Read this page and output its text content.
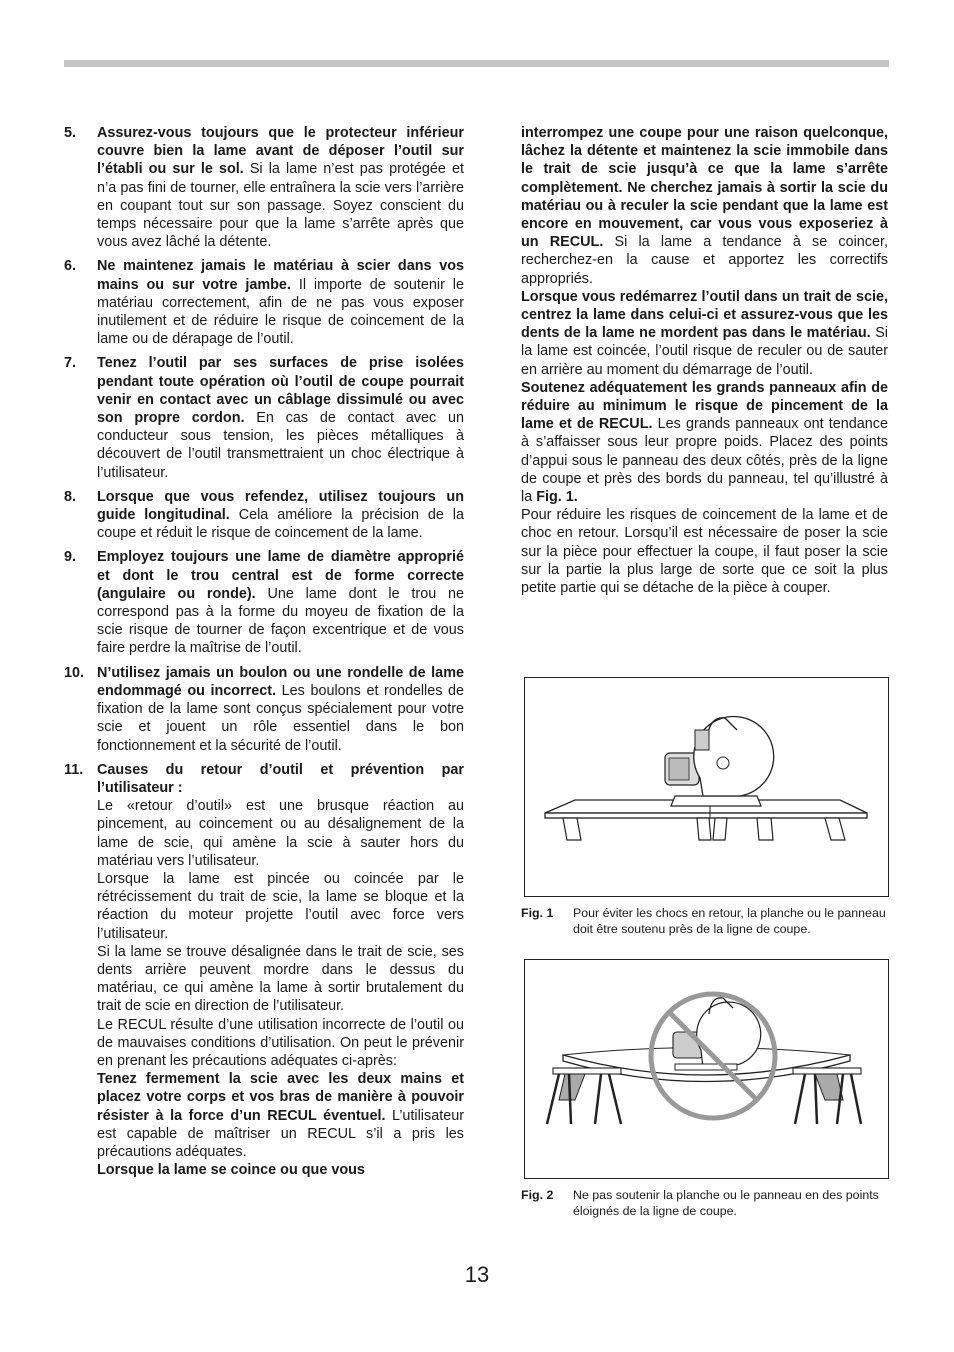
5.	Assurez-vous toujours que le protecteur inférieur couvre bien la lame avant de déposer l’outil sur l’établi ou sur le sol. Si la lame n’est pas protégée et n’a pas fini de tourner, elle entraînera la scie vers l’arrière en coupant tout sur son passage. Soyez conscient du temps nécessaire pour que la lame s’arrête après que vous avez lâché la détente.
6.	Ne maintenez jamais le matériau à scier dans vos mains ou sur votre jambe. Il importe de soutenir le matériau correctement, afin de ne pas vous exposer inutilement et de réduire le risque de coincement de la lame ou de dérapage de l’outil.
7.	Tenez l’outil par ses surfaces de prise isolées pendant toute opération où l’outil de coupe pourrait venir en contact avec un câblage dissimulé ou avec son propre cordon. En cas de contact avec un conducteur sous tension, les pièces métalliques à découvert de l’outil transmettraient un choc électrique à l’utilisateur.
8.	Lorsque que vous refendez, utilisez toujours un guide longitudinal. Cela améliore la précision de la coupe et réduit le risque de coincement de la lame.
9.	Employez toujours une lame de diamètre approprié et dont le trou central est de forme correcte (angulaire ou ronde). Une lame dont le trou ne correspond pas à la forme du moyeu de fixation de la scie risque de tourner de façon excentrique et de vous faire perdre la maîtrise de l’outil.
10. N’utilisez jamais un boulon ou une rondelle de lame endommagé ou incorrect. Les boulons et rondelles de fixation de la lame sont conçus spécialement pour votre scie et jouent un rôle essentiel dans le bon fonctionnement et la sécurité de l’outil.
11. Causes du retour d’outil et prévention par l’utilisateur :

Le «retour d’outil» est une brusque réaction au pincement, au coincement ou au désalignement de la lame de scie, qui amène la scie à sauter hors du matériau vers l’utilisateur.

Lorsque la lame est pincée ou coincée par le rétrécissement du trait de scie, la lame se bloque et la réaction du moteur projette l’outil avec force vers l’utilisateur.

Si la lame se trouve désalignée dans le trait de scie, ses dents arrière peuvent mordre dans le dessus du matériau, ce qui amène la lame à sortir brutalement du trait de scie en direction de l’utilisateur.

Le RECUL résulte d’une utilisation incorrecte de l’outil ou de mauvaises conditions d’utilisation. On peut le prévenir en prenant les précautions adéquates ci-après:

Tenez fermement la scie avec les deux mains et placez votre corps et vos bras de manière à pouvoir résister à la force d’un RECUL éventuel. L’utilisateur est capable de maîtriser un RECUL s’il a pris les précautions adéquates.

Lorsque la lame se coince ou que vous

interrompez une coupe pour une raison quelconque, lâchez la détente et maintenez la scie immobile dans le trait de scie jusqu’à ce que la lame s’arrête complètement. Ne cherchez jamais à sortir la scie du matériau ou à reculer la scie pendant que la lame est encore en mouvement, car vous vous exposeriez à un RECUL. Si la lame a tendance à se coincer, recherchez-en la cause et apportez les correctifs appropriés.

Lorsque vous redémarrez l’outil dans un trait de scie, centrez la lame dans celui-ci et assurez-vous que les dents de la lame ne mordent pas dans le matériau. Si la lame est coincée, l’outil risque de reculer ou de sauter en arrière au moment du démarrage de l’outil.

Soutenez adéquatement les grands panneaux afin de réduire au minimum le risque de pincement de la lame et de RECUL. Les grands panneaux ont tendance à s’affaisser sous leur propre poids. Placez des points d’appui sous le panneau des deux côtés, près de la ligne de coupe et près des bords du panneau, tel qu’illustré à la Fig. 1.

Pour réduire les risques de coincement de la lame et de choc en retour. Lorsqu’il est nécessaire de poser la scie sur la pièce pour effectuer la coupe, il faut poser la scie sur la partie la plus large de sorte que ce soit la plus petite partie qui se détache de la pièce à couper.

Fig. 1	Pour éviter les chocs en retour, la planche ou le panneau doit être soutenu près de la ligne de coupe.
Fig. 2	Ne pas soutenir la planche ou le panneau en des points éloignés de la ligne de coupe.
13
